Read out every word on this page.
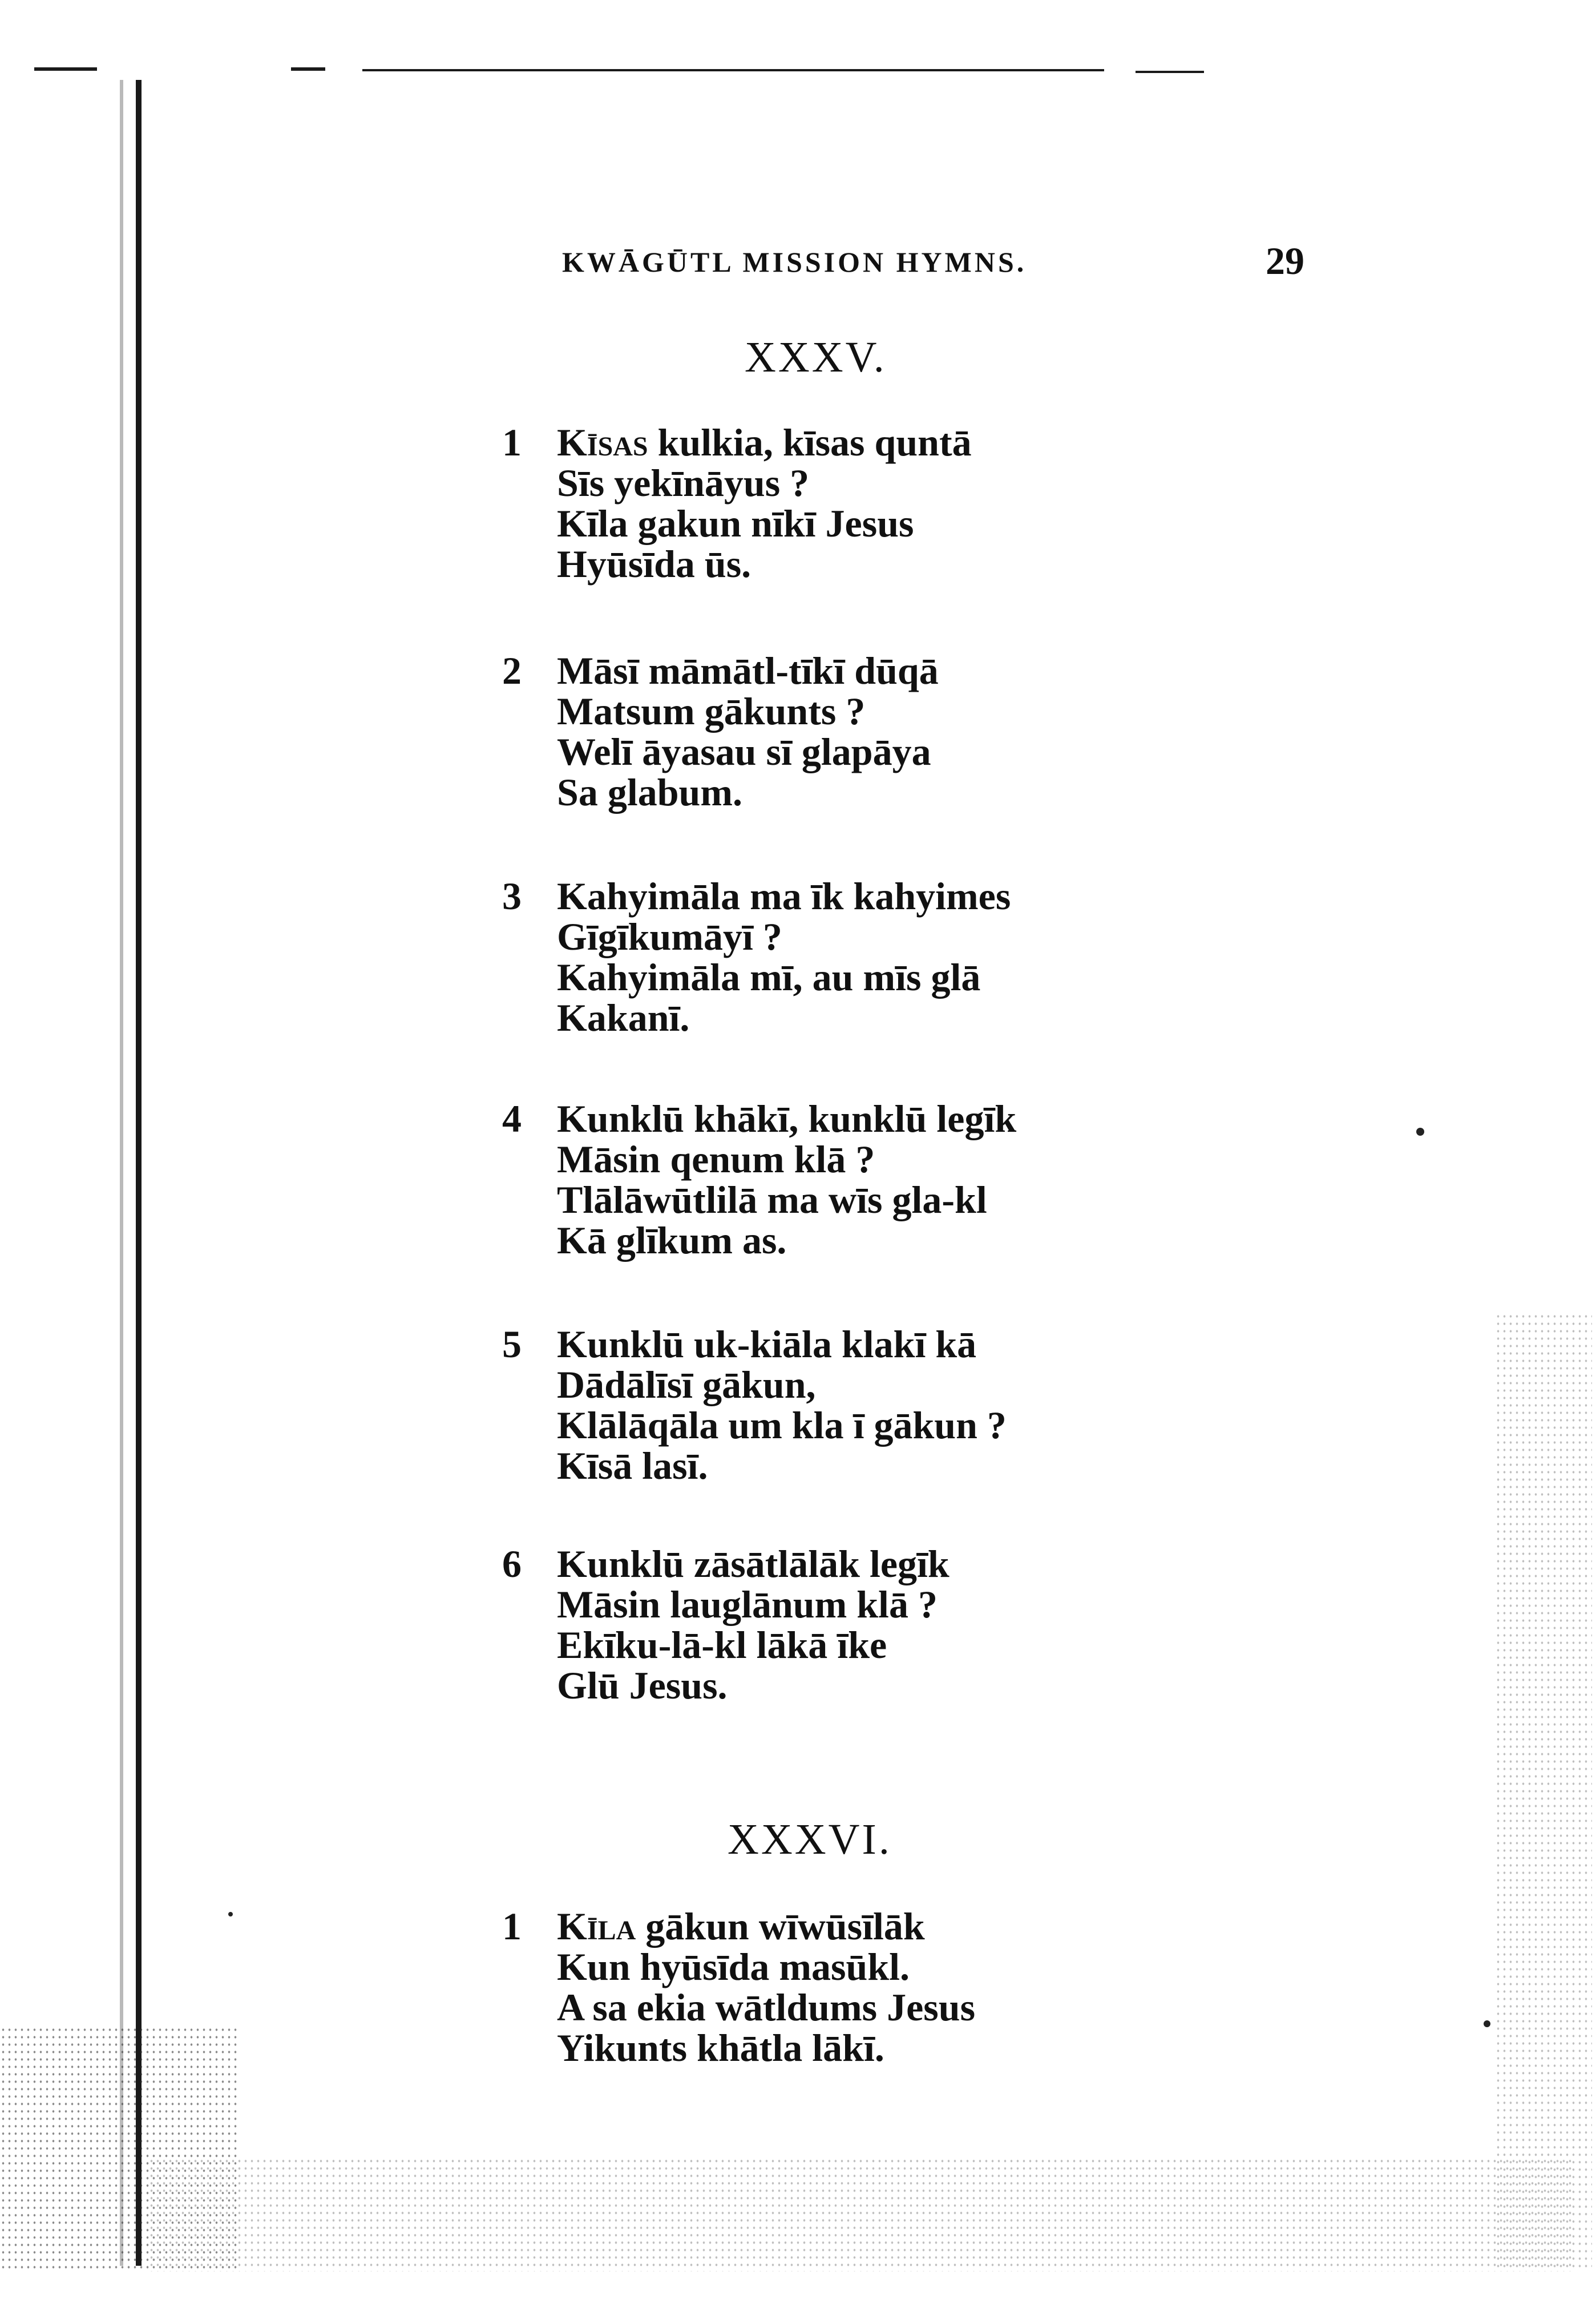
KWĀGŪTL MISSION HYMNS.	29
XXXV.
1 Kīsas kulkia, kīsas quntā
Sīs yekīnāyus ?
Kīla gakun nīkī Jesus
Hyūsīda ūs.
2 Māsī māmātl-tīkī dūqā
Matsum gākunts ?
Welī āyasau sī glapāya
Sa glabum.
3 Kahyimāla ma īk kahyimes
Gīgīkumāyī ?
Kahyimāla mī, au mīs glā
Kakanī.
4 Kunklū khākī, kunklū legīk
Māsin qenum klā ?
Tlālāwūtlilā ma wīs gla-kl
Kā glīkum as.
5 Kunklū uk-kiāla klakī kā
Dādālīsī gākun,
Klālāqāla um kla ī gākun ?
Kīsā lasī.
6 Kunklū zāsātlālāk legīk
Māsin lauglānum klā ?
Ekīku-lā-kl lākā īke
Glū Jesus.
XXXVI.
1 Kīla gākun wīwūsīlāk
Kun hyūsīda masūkl.
A sa ekia wātldums Jesus
Yikunts khātla lākī.
